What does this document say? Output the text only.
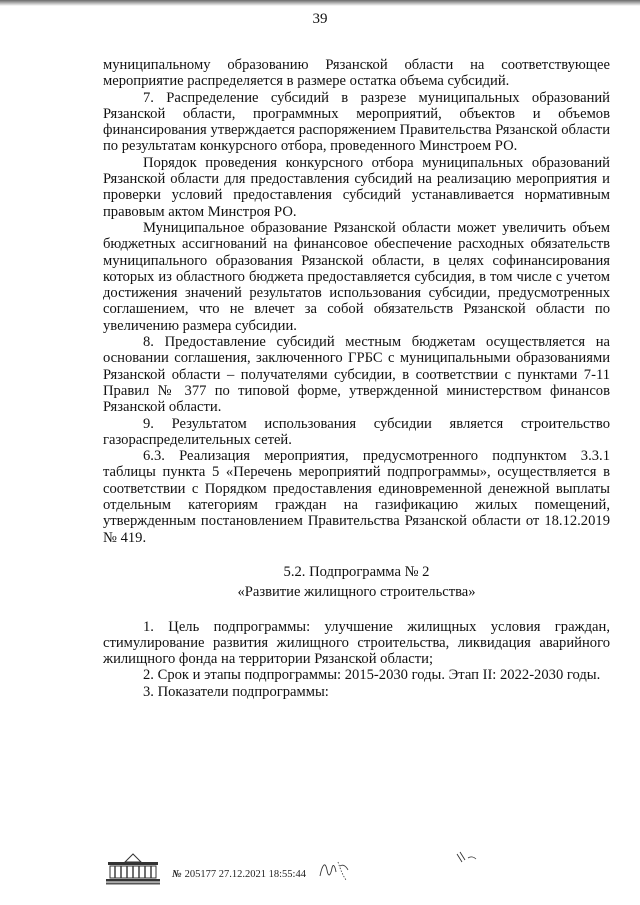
39

муниципальному образованию Рязанской области на соответствующее мероприятие распределяется в размере остатка объема субсидий.

7. Распределение субсидий в разрезе муниципальных образований Рязанской области, программных мероприятий, объектов и объемов финансирования утверждается распоряжением Правительства Рязанской области по результатам конкурсного отбора, проведенного Минстроем РО.

Порядок проведения конкурсного отбора муниципальных образований Рязанской области для предоставления субсидий на реализацию мероприятия и проверки условий предоставления субсидий устанавливается нормативным правовым актом Минстроя РО.

Муниципальное образование Рязанской области может увеличить объем бюджетных ассигнований на финансовое обеспечение расходных обязательств муниципального образования Рязанской области, в целях софинансирования которых из областного бюджета предоставляется субсидия, в том числе с учетом достижения значений результатов использования субсидии, предусмотренных соглашением, что не влечет за собой обязательств Рязанской области по увеличению размера субсидии.

8. Предоставление субсидий местным бюджетам осуществляется на основании соглашения, заключенного ГРБС с муниципальными образованиями Рязанской области – получателями субсидии, в соответствии с пунктами 7-11 Правил № 377 по типовой форме, утвержденной министерством финансов Рязанской области.

9. Результатом использования субсидии является строительство газораспределительных сетей.

6.3. Реализация мероприятия, предусмотренного подпунктом 3.3.1 таблицы пункта 5 «Перечень мероприятий подпрограммы», осуществляется в соответствии с Порядком предоставления единовременной денежной выплаты отдельным категориям граждан на газификацию жилых помещений, утвержденным постановлением Правительства Рязанской области от 18.12.2019 № 419.

5.2. Подпрограмма № 2

«Развитие жилищного строительства»

1. Цель подпрограммы: улучшение жилищных условия граждан, стимулирование развития жилищного строительства, ликвидация аварийного жилищного фонда на территории Рязанской области;

2. Срок и этапы подпрограммы: 2015-2030 годы. Этап II: 2022-2030 годы.

3. Показатели подпрограммы:

№ 205177 27.12.2021 18:55:44
